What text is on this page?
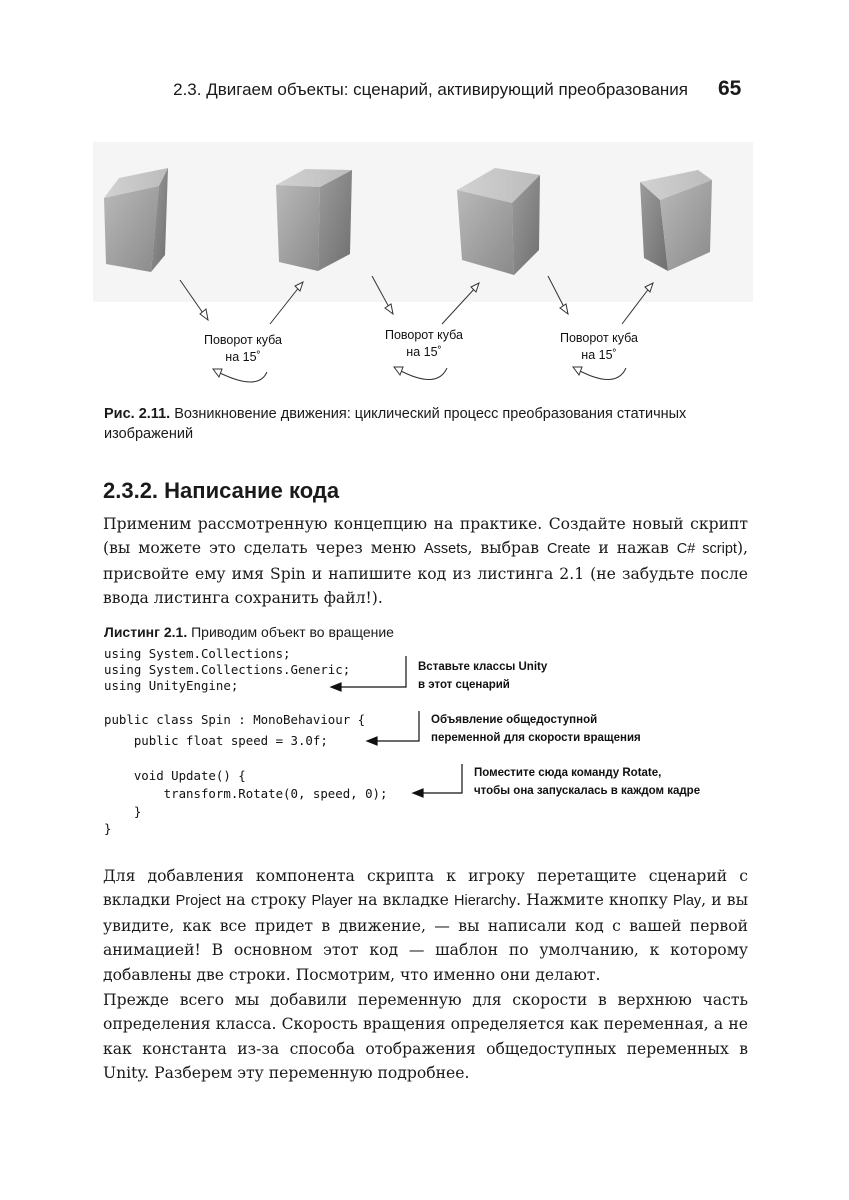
2.3. Двигаем объекты: сценарий, активирующий преобразования 65
Поворот куба
на 15˚
Поворот куба
на 15˚
Поворот куба
на 15˚
Рис. 2.11. Возникновение движения: циклический процесс преобразования статичных изображений
2.3.2. Написание кода
Применим рассмотренную концепцию на практике. Создайте новый скрипт (вы можете это сделать через меню Assets, выбрав Create и нажав C# script), присвойте ему имя Spin и напишите код из листинга 2.1 (не забудьте после ввода листинга сохранить файл!).
Листинг 2.1. Приводим объект во вращение
using System.Collections;
using System.Collections.Generic;
using UnityEngine;
public class Spin : MonoBehaviour {
public float speed = 3.0f;
void Update() {
transform.Rotate(0, speed, 0);
}
}
Вставьте классы Unity
в этот сценарий
Объявление общедоступной
переменной для скорости вращения
Поместите сюда команду Rotate,
чтобы она запускалась в каждом кадре
Для добавления компонента скрипта к игроку перетащите сценарий с вкладки Project на строку Player на вкладке Hierarchy. Нажмите кнопку Play, и вы увидите, как все придет в движение, — вы написали код с вашей первой анимацией! В основном этот код — шаблон по умолчанию, к которому добавлены две строки. Посмотрим, что именно они делают.
Прежде всего мы добавили переменную для скорости в верхнюю часть определения класса. Скорость вращения определяется как переменная, а не как константа из-за способа отображения общедоступных переменных в Unity. Разберем эту переменную подробнее.
